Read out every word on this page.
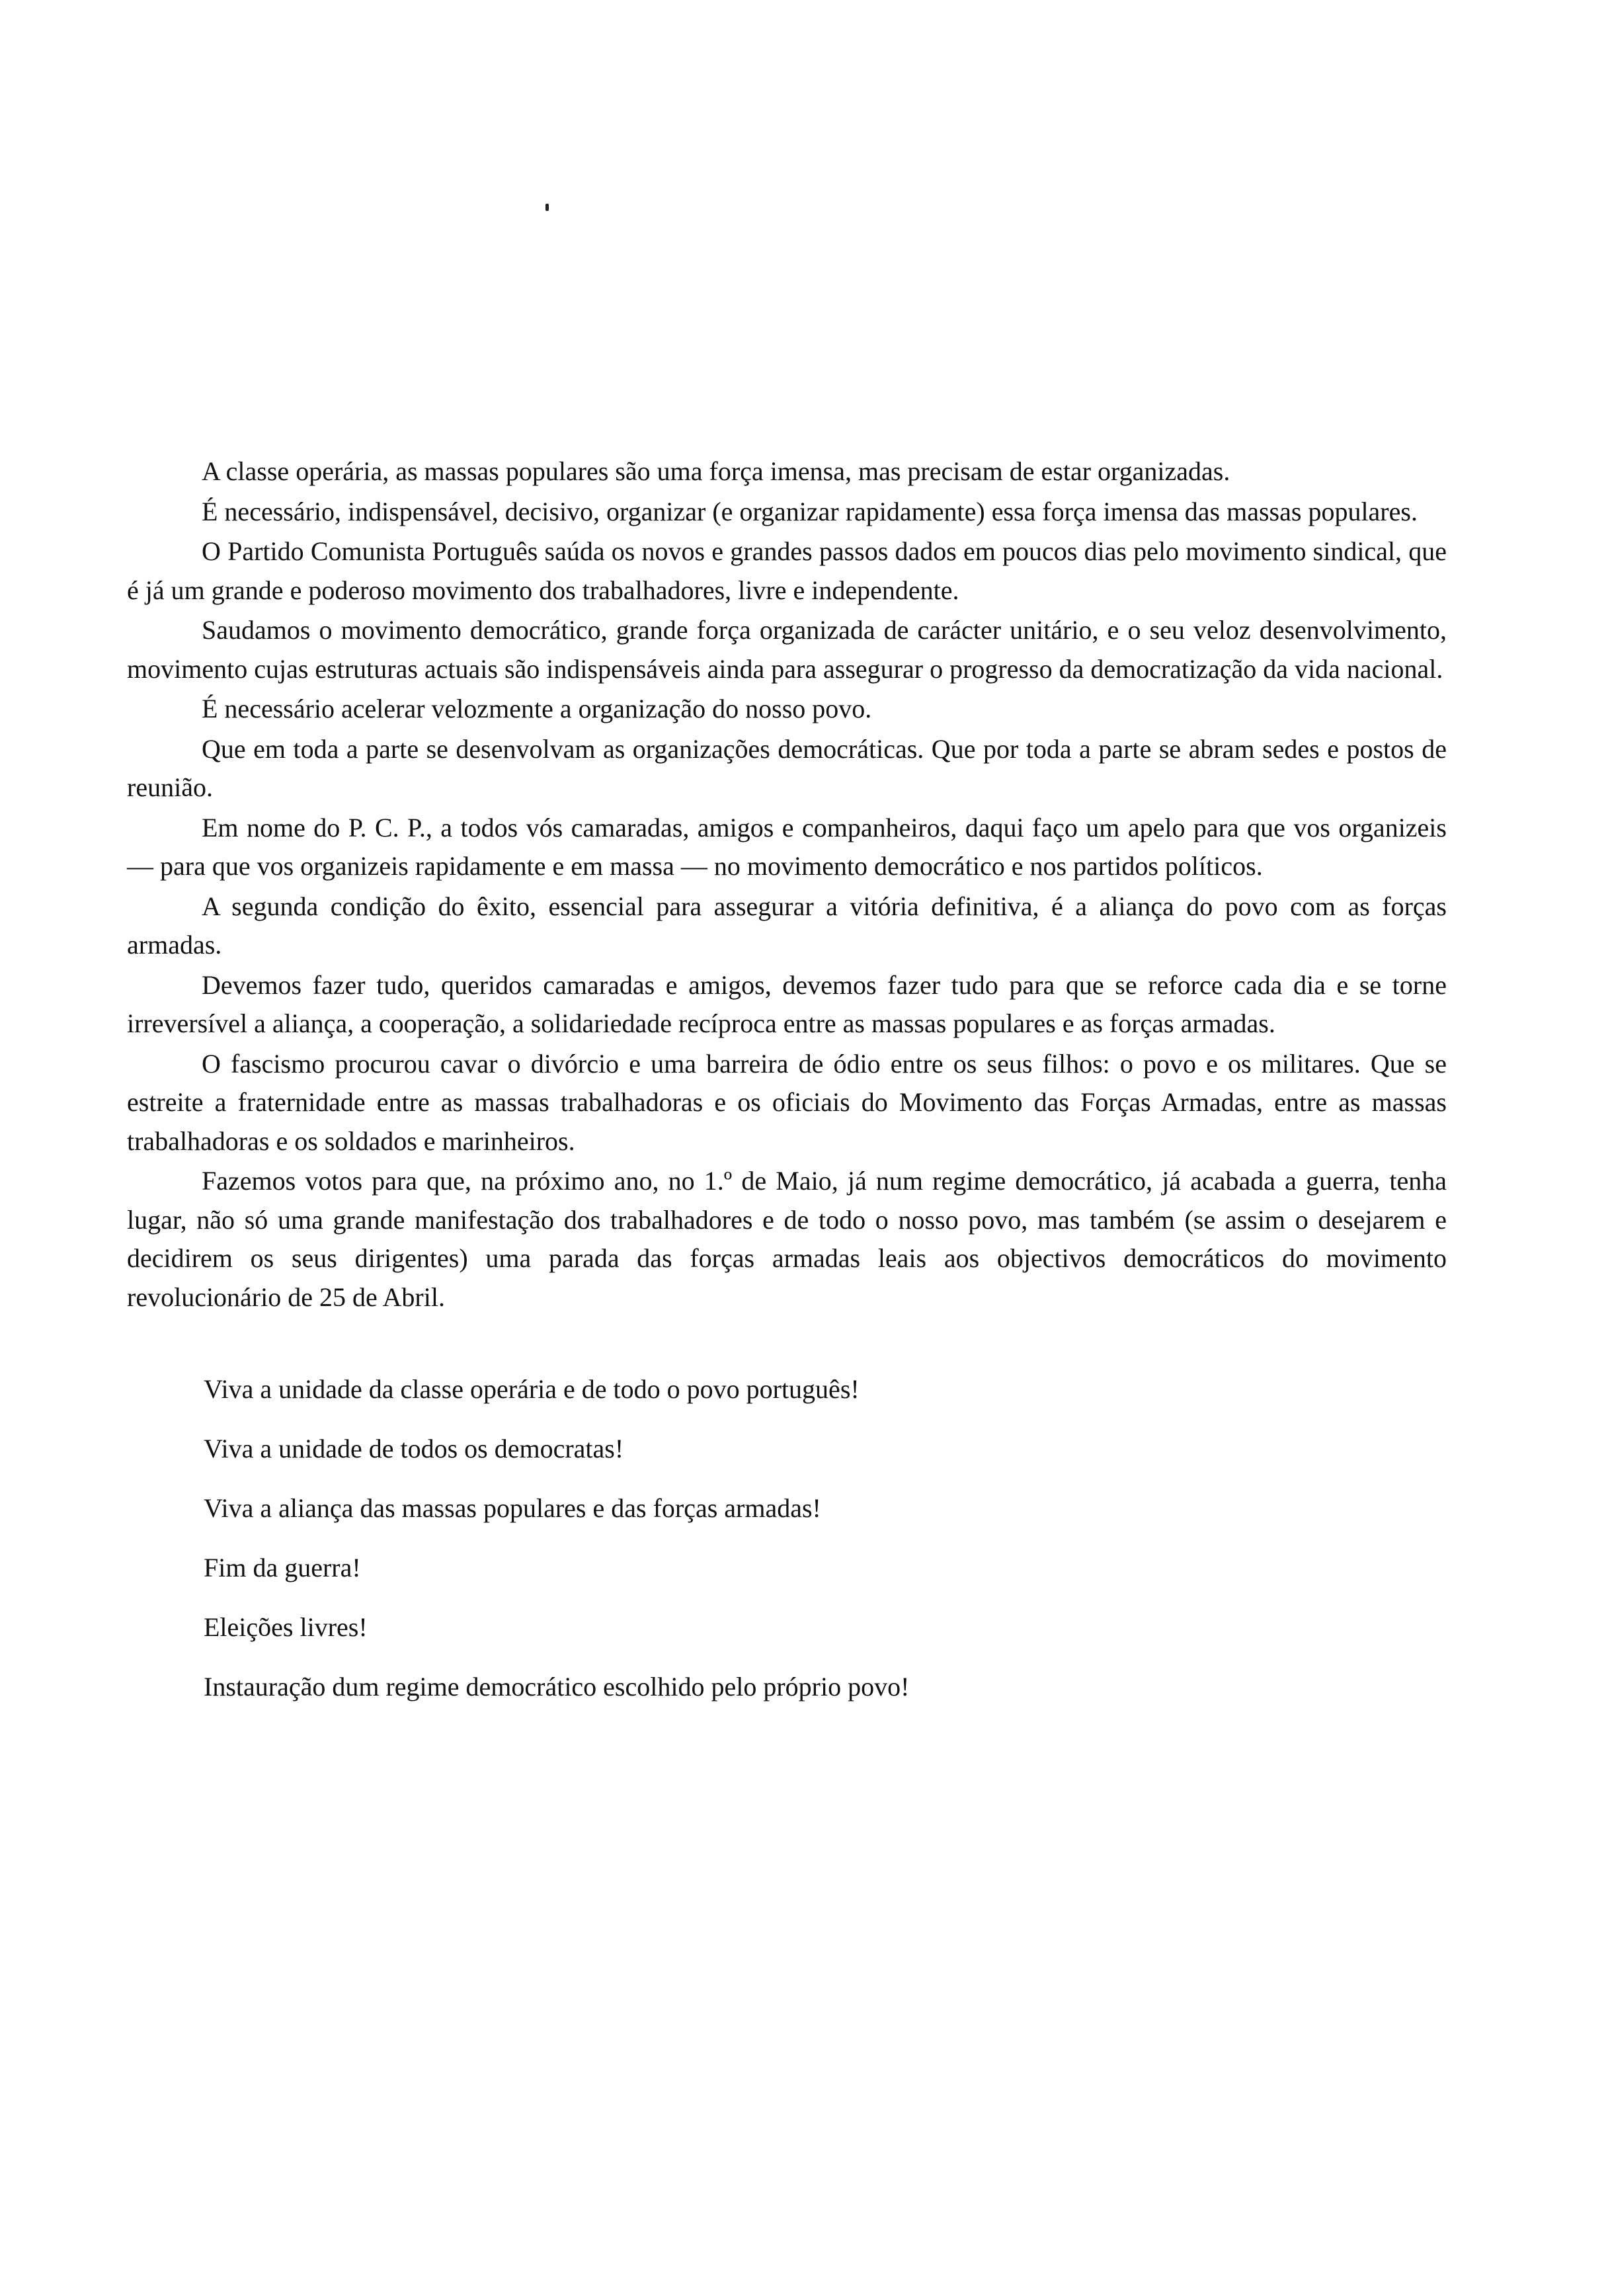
A classe operária, as massas populares são uma força imensa, mas precisam de estar organizadas.

É necessário, indispensável, decisivo, organizar (e organizar rapidamente) essa força imensa das massas populares.

O Partido Comunista Português saúda os novos e grandes passos dados em poucos dias pelo movimento sindical, que é já um grande e poderoso movimento dos trabalhadores, livre e independente.

Saudamos o movimento democrático, grande força organizada de carácter unitário, e o seu veloz desenvolvimento, movimento cujas estruturas actuais são indispensáveis ainda para assegurar o progresso da democratização da vida nacional.

É necessário acelerar velozmente a organização do nosso povo.

Que em toda a parte se desenvolvam as organizações democráticas. Que por toda a parte se abram sedes e postos de reunião.

Em nome do P. C. P., a todos vós camaradas, amigos e companheiros, daqui faço um apelo para que vos organizeis — para que vos organizeis rapidamente e em massa — no movimento democrático e nos partidos políticos.

A segunda condição do êxito, essencial para assegurar a vitória definitiva, é a aliança do povo com as forças armadas.

Devemos fazer tudo, queridos camaradas e amigos, devemos fazer tudo para que se reforce cada dia e se torne irreversível a aliança, a cooperação, a solidariedade recíproca entre as massas populares e as forças armadas.

O fascismo procurou cavar o divórcio e uma barreira de ódio entre os seus filhos: o povo e os militares. Que se estreite a fraternidade entre as massas trabalhadoras e os oficiais do Movimento das Forças Armadas, entre as massas trabalhadoras e os soldados e marinheiros.

Fazemos votos para que, na próximo ano, no 1.º de Maio, já num regime democrático, já acabada a guerra, tenha lugar, não só uma grande manifestação dos trabalhadores e de todo o nosso povo, mas também (se assim o desejarem e decidirem os seus dirigentes) uma parada das forças armadas leais aos objectivos democráticos do movimento revolucionário de 25 de Abril.

Viva a unidade da classe operária e de todo o povo português!

Viva a unidade de todos os democratas!

Viva a aliança das massas populares e das forças armadas!

Fim da guerra!

Eleições livres!

Instauração dum regime democrático escolhido pelo próprio povo!
